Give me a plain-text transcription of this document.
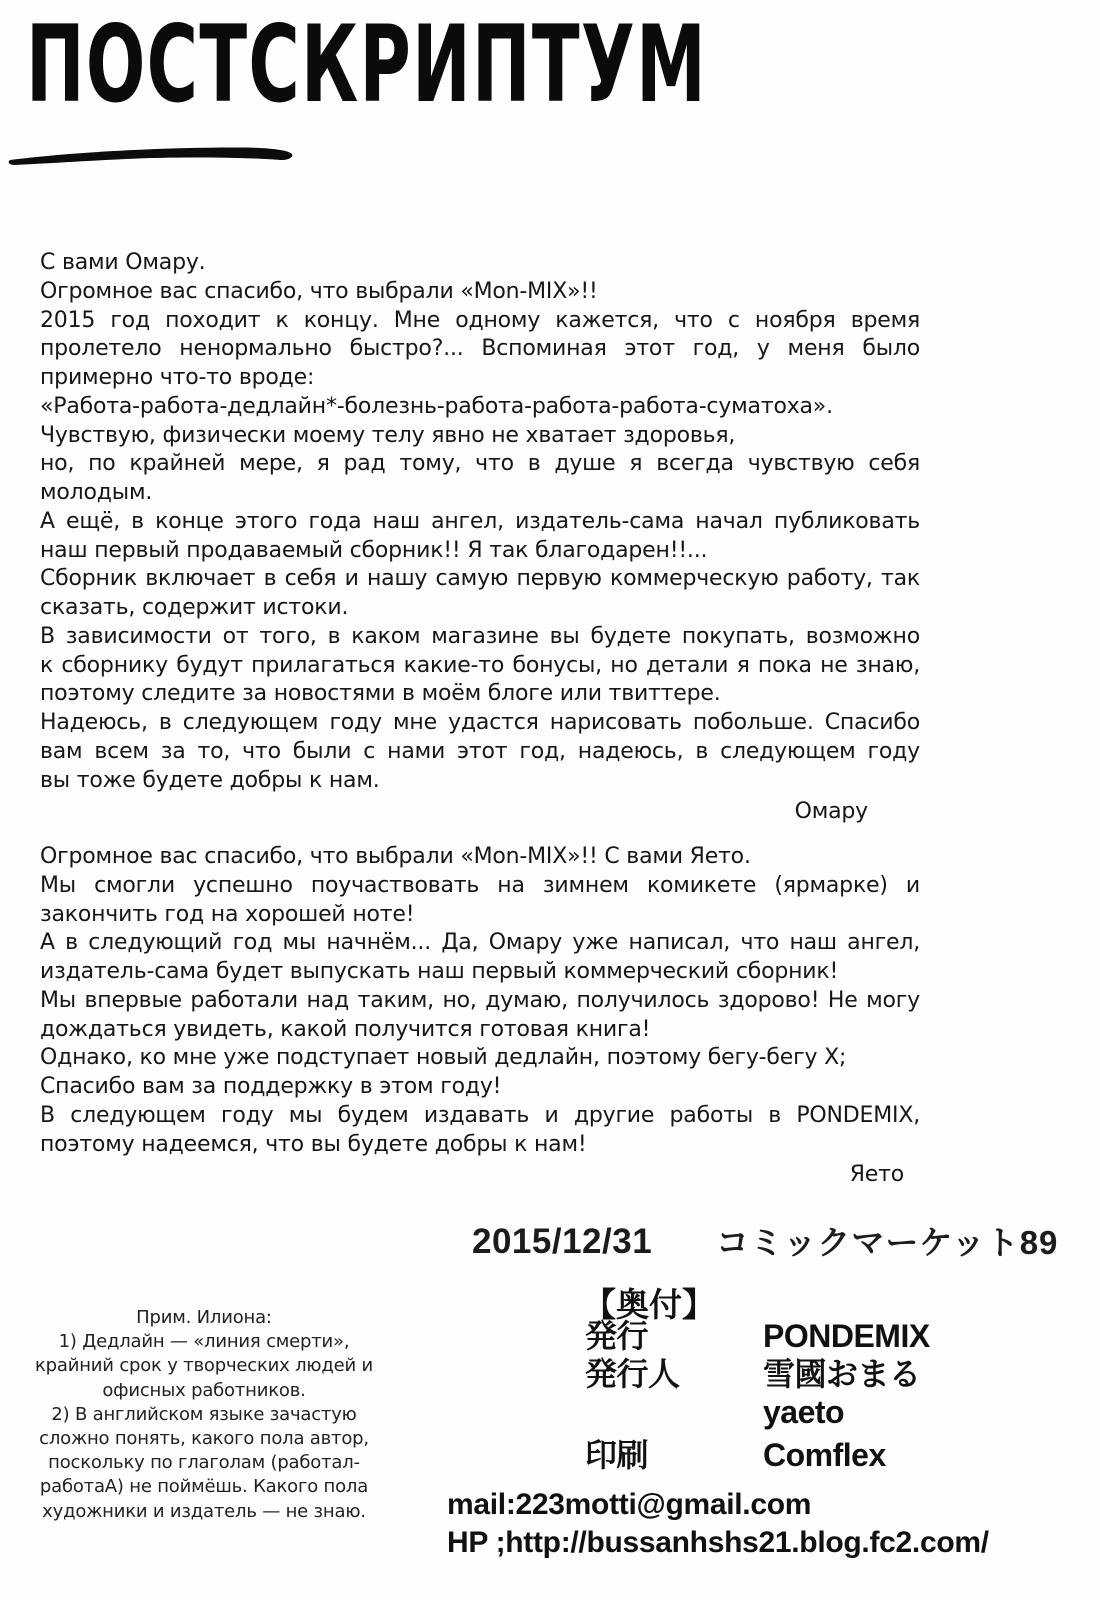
ПОСТСКРИПТУМ
С вами Омару.
Огромное вас спасибо, что выбрали «Mon-MIX»!!
2015 год походит к концу. Мне одному кажется, что с ноября время
пролетело ненормально быстро?... Вспоминая этот год, у меня было
примерно что-то вроде:
«Работа-работа-дедлайн*-болезнь-работа-работа-работа-суматоха».
Чувствую, физически моему телу явно не хватает здоровья,
но, по крайней мере, я рад тому, что в душе я всегда чувствую себя
молодым.
А ещё, в конце этого года наш ангел, издатель-сама начал публиковать
наш первый продаваемый сборник!! Я так благодарен!!...
Сборник включает в себя и нашу самую первую коммерческую работу, так
сказать, содержит истоки.
В зависимости от того, в каком магазине вы будете покупать, возможно
к сборнику будут прилагаться какие-то бонусы, но детали я пока не знаю,
поэтому следите за новостями в моём блоге или твиттере.
Надеюсь, в следующем году мне удастся нарисовать побольше. Спасибо
вам всем за то, что были с нами этот год, надеюсь, в следующем году
вы тоже будете добры к нам.
Омару
Огромное вас спасибо, что выбрали «Mon-MIX»!! С вами Яето.
Мы смогли успешно поучаствовать на зимнем комикете (ярмарке) и
закончить год на хорошей ноте!
А в следующий год мы начнём... Да, Омару уже написал, что наш ангел,
издатель-сама будет выпускать наш первый коммерческий сборник!
Мы впервые работали над таким, но, думаю, получилось здорово! Не могу
дождаться увидеть, какой получится готовая книга!
Однако, ко мне уже подступает новый дедлайн, поэтому бегу-бегу Х;
Спасибо вам за поддержку в этом году!
В следующем году мы будем издавать и другие работы в PONDEMIX,
поэтому надеемся, что вы будете добры к нам!
Яето
2015/12/31 コミックマーケット89
【奥付】
発行	PONDEMIX
発行人	雪國おまる
yaeto
印刷	Comflex
mail:223motti@gmail.com
HP ;http://bussanhshs21.blog.fc2.com/
Прим. Илиона:
1) Дедлайн — «линия смерти»,
крайний срок у творческих людей и
офисных работников.
2) В английском языке зачастую
сложно понять, какого пола автор,
поскольку по глаголам (работал-
работаА) не поймёшь. Какого пола
художники и издатель — не знаю.
